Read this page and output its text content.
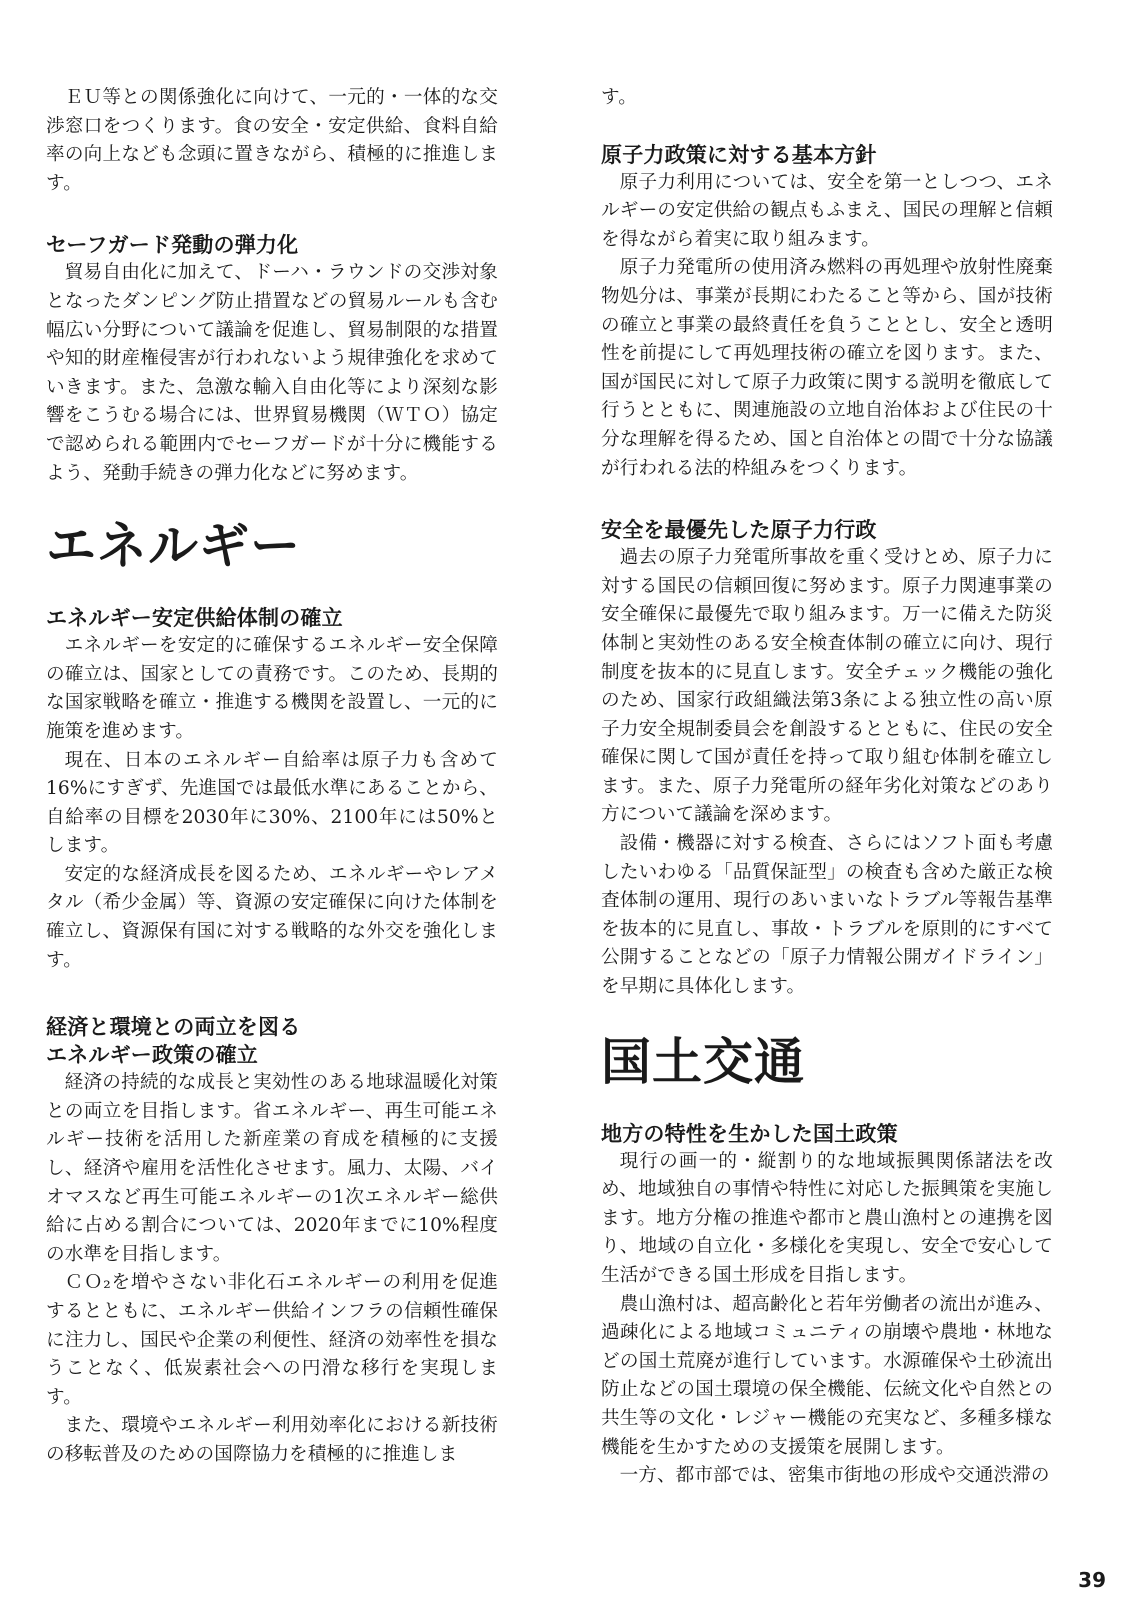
ＥＵ等との関係強化に向けて、一元的・一体的な交渉窓口をつくります。食の安全・安定供給、食料自給率の向上なども念頭に置きながら、積極的に推進します。

セーフガード発動の弾力化

貿易自由化に加えて、ドーハ・ラウンドの交渉対象となったダンピング防止措置などの貿易ルールも含む幅広い分野について議論を促進し、貿易制限的な措置や知的財産権侵害が行われないよう規律強化を求めていきます。また、急激な輸入自由化等により深刻な影響をこうむる場合には、世界貿易機関（ＷＴＯ）協定で認められる範囲内でセーフガードが十分に機能するよう、発動手続きの弾力化などに努めます。

エネルギー
エネルギー安定供給体制の確立

エネルギーを安定的に確保するエネルギー安全保障の確立は、国家としての責務です。このため、長期的な国家戦略を確立・推進する機関を設置し、一元的に施策を進めます。

現在、日本のエネルギー自給率は原子力も含めて16%にすぎず、先進国では最低水準にあることから、自給率の目標を2030年に30%、2100年には50%とします。

安定的な経済成長を図るため、エネルギーやレアメタル（希少金属）等、資源の安定確保に向けた体制を確立し、資源保有国に対する戦略的な外交を強化します。

経済と環境との両立を図る
エネルギー政策の確立

経済の持続的な成長と実効性のある地球温暖化対策との両立を目指します。省エネルギー、再生可能エネルギー技術を活用した新産業の育成を積極的に支援し、経済や雇用を活性化させます。風力、太陽、バイオマスなど再生可能エネルギーの1次エネルギー総供給に占める割合については、2020年までに10%程度の水準を目指します。

ＣＯ₂を増やさない非化石エネルギーの利用を促進するとともに、エネルギー供給インフラの信頼性確保に注力し、国民や企業の利便性、経済の効率性を損なうことなく、低炭素社会への円滑な移行を実現します。

また、環境やエネルギー利用効率化における新技術の移転普及のための国際協力を積極的に推進しま

す。

原子力政策に対する基本方針

原子力利用については、安全を第一としつつ、エネルギーの安定供給の観点もふまえ、国民の理解と信頼を得ながら着実に取り組みます。

原子力発電所の使用済み燃料の再処理や放射性廃棄物処分は、事業が長期にわたること等から、国が技術の確立と事業の最終責任を負うこととし、安全と透明性を前提にして再処理技術の確立を図ります。また、国が国民に対して原子力政策に関する説明を徹底して行うとともに、関連施設の立地自治体および住民の十分な理解を得るため、国と自治体との間で十分な協議が行われる法的枠組みをつくります。

安全を最優先した原子力行政

過去の原子力発電所事故を重く受けとめ、原子力に対する国民の信頼回復に努めます。原子力関連事業の安全確保に最優先で取り組みます。万一に備えた防災体制と実効性のある安全検査体制の確立に向け、現行制度を抜本的に見直します。安全チェック機能の強化のため、国家行政組織法第3条による独立性の高い原子力安全規制委員会を創設するとともに、住民の安全確保に関して国が責任を持って取り組む体制を確立します。また、原子力発電所の経年劣化対策などのあり方について議論を深めます。

設備・機器に対する検査、さらにはソフト面も考慮したいわゆる「品質保証型」の検査も含めた厳正な検査体制の運用、現行のあいまいなトラブル等報告基準を抜本的に見直し、事故・トラブルを原則的にすべて公開することなどの「原子力情報公開ガイドライン」を早期に具体化します。

国土交通
地方の特性を生かした国土政策

現行の画一的・縦割り的な地域振興関係諸法を改め、地域独自の事情や特性に対応した振興策を実施します。地方分権の推進や都市と農山漁村との連携を図り、地域の自立化・多様化を実現し、安全で安心して生活ができる国土形成を目指します。

農山漁村は、超高齢化と若年労働者の流出が進み、過疎化による地域コミュニティの崩壊や農地・林地などの国土荒廃が進行しています。水源確保や土砂流出防止などの国土環境の保全機能、伝統文化や自然との共生等の文化・レジャー機能の充実など、多種多様な機能を生かすための支援策を展開します。

一方、都市部では、密集市街地の形成や交通渋滞の

39
